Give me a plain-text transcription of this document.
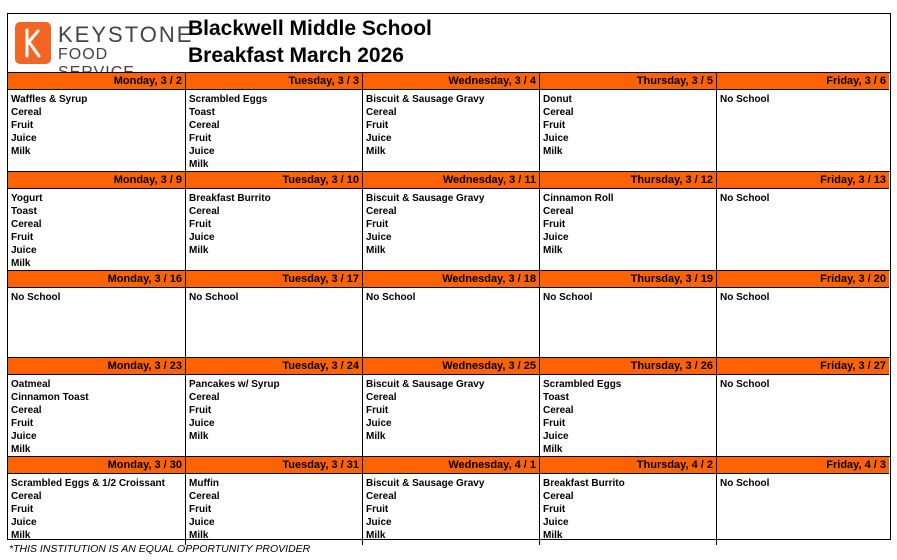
KEYSTONE
FOOD
Blackwell Middle School
Breakfast March 2026
Monday, 3 / 2
Waffles & Syrup
Cereal
Fruit
Juice
Milk
Tuesday, 3 / 3
Scrambled Eggs
Toast
Cereal
Fruit
Juice
Milk
Wednesday, 3 / 4
Biscuit & Sausage Gravy
Cereal
Fruit
Juice
Milk
Thursday, 3 / 5
Donut
Cereal
Fruit
Juice
Milk
Friday, 3 / 6
No School
Monday, 3 / 9
Yogurt
Toast
Cereal
Fruit
Juice
Milk
Tuesday, 3 / 10
Breakfast Burrito
Cereal
Fruit
Juice
Milk
Wednesday, 3 / 11
Biscuit & Sausage Gravy
Cereal
Fruit
Juice
Milk
Thursday, 3 / 12
Cinnamon Roll
Cereal
Fruit
Juice
Milk
Friday, 3 / 13
No School
Monday, 3 / 16
No School
Tuesday, 3 / 17
No School
Wednesday, 3 / 18
No School
Thursday, 3 / 19
No School
Friday, 3 / 20
No School
Monday, 3 / 23
Oatmeal
Cinnamon Toast
Cereal
Fruit
Juice
Milk
Tuesday, 3 / 24
Pancakes w/ Syrup
Cereal
Fruit
Juice
Milk
Wednesday, 3 / 25
Biscuit & Sausage Gravy
Cereal
Fruit
Juice
Milk
Thursday, 3 / 26
Scrambled Eggs
Toast
Cereal
Fruit
Juice
Milk
Friday, 3 / 27
No School
Monday, 3 / 30
Scrambled Eggs & 1/2 Croissant
Cereal
Fruit
Juice
Milk
Tuesday, 3 / 31
Muffin
Cereal
Fruit
Juice
Milk
Wednesday, 4 / 1
Biscuit & Sausage Gravy
Cereal
Fruit
Juice
Milk
Thursday, 4 / 2
Breakfast Burrito
Cereal
Fruit
Juice
Milk
Friday, 4 / 3
No School
*THIS INSTITUTION IS AN EQUAL OPPORTUNITY PROVIDER
